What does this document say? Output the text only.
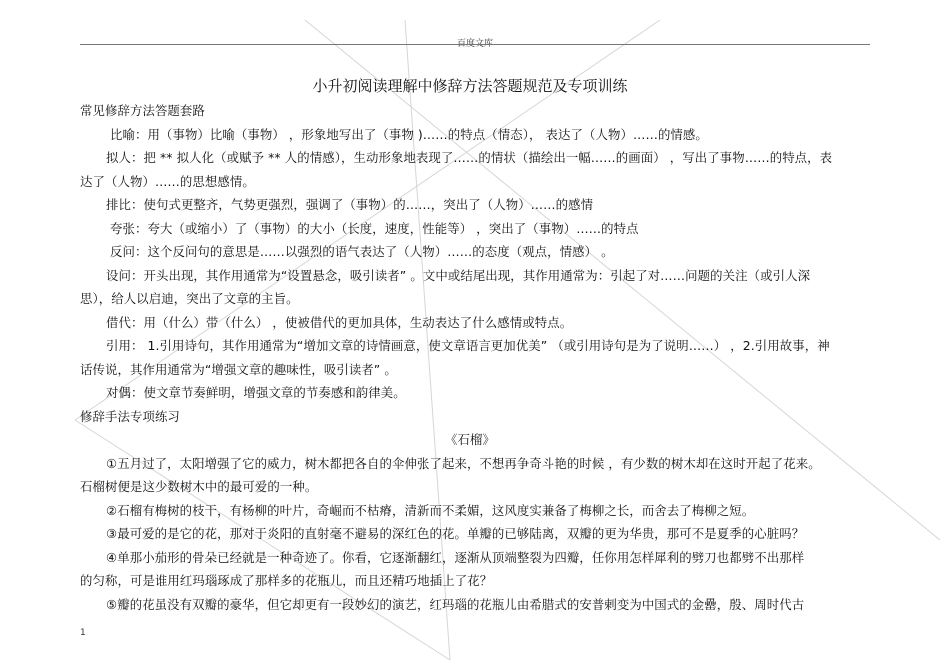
百度文库
小升初阅读理解中修辞方法答题规范及专项训练

常见修辞方法答题套路

比喻：用（事物）比喻（事物） ，形象地写出了（事物 )……的特点（情态）， 表达了（人物）……的情感。

拟人：把 ** 拟人化（或赋予 ** 人的情感），生动形象地表现了……的情状（描绘出一幅……的画面） ，写出了事物……的特点，表

达了（人物）……的思想感情。

排比：使句式更整齐，气势更强烈，强调了（事物）的……，突出了（人物）……的感情

夸张：夸大（或缩小）了（事物）的大小（长度，速度，性能等） ，突出了（事物）……的特点

反问：这个反问句的意思是……以强烈的语气表达了（人物）……的态度（观点，情感） 。

设问：开头出现，其作用通常为“设置悬念，吸引读者” 。文中或结尾出现，其作用通常为：引起了对……问题的关注（或引人深

思），给人以启迪，突出了文章的主旨。

借代：用（什么）带（什么） ，使被借代的更加具体，生动表达了什么感情或特点。

引用： 1.引用诗句，其作用通常为“增加文章的诗情画意，使文章语言更加优美” （或引用诗句是为了说明……） ，2.引用故事，神

话传说，其作用通常为“增强文章的趣味性，吸引读者” 。

对偶：使文章节奏鲜明，增强文章的节奏感和韵律美。

修辞手法专项练习

《石榴》

①五月过了，太阳增强了它的威力，树木都把各自的伞伸张了起来，不想再争奇斗艳的时候 ，有少数的树木却在这时开起了花来。

石榴树便是这少数树木中的最可爱的一种。

②石榴有梅树的枝干，有杨柳的叶片，奇崛而不枯瘠，清新而不柔媚，这风度实兼备了梅柳之长，而舍去了梅柳之短。

③最可爱的是它的花，那对于炎阳的直射毫不避易的深红色的花。单瓣的已够陆离，双瓣的更为华贵，那可不是夏季的心脏吗？

④单那小茄形的骨朵已经就是一种奇迹了。你看，它逐渐翻红，逐渐从顶端整裂为四瓣，任你用怎样犀利的劈刀也都劈不出那样

的匀称，可是谁用红玛瑙琢成了那样多的花瓶儿，而且还精巧地插上了花？

⑤瓣的花虽没有双瓣的豪华，但它却更有一段妙幻的演艺，红玛瑙的花瓶儿由希腊式的安普剌变为中国式的金罍，殷、周时代古

1
